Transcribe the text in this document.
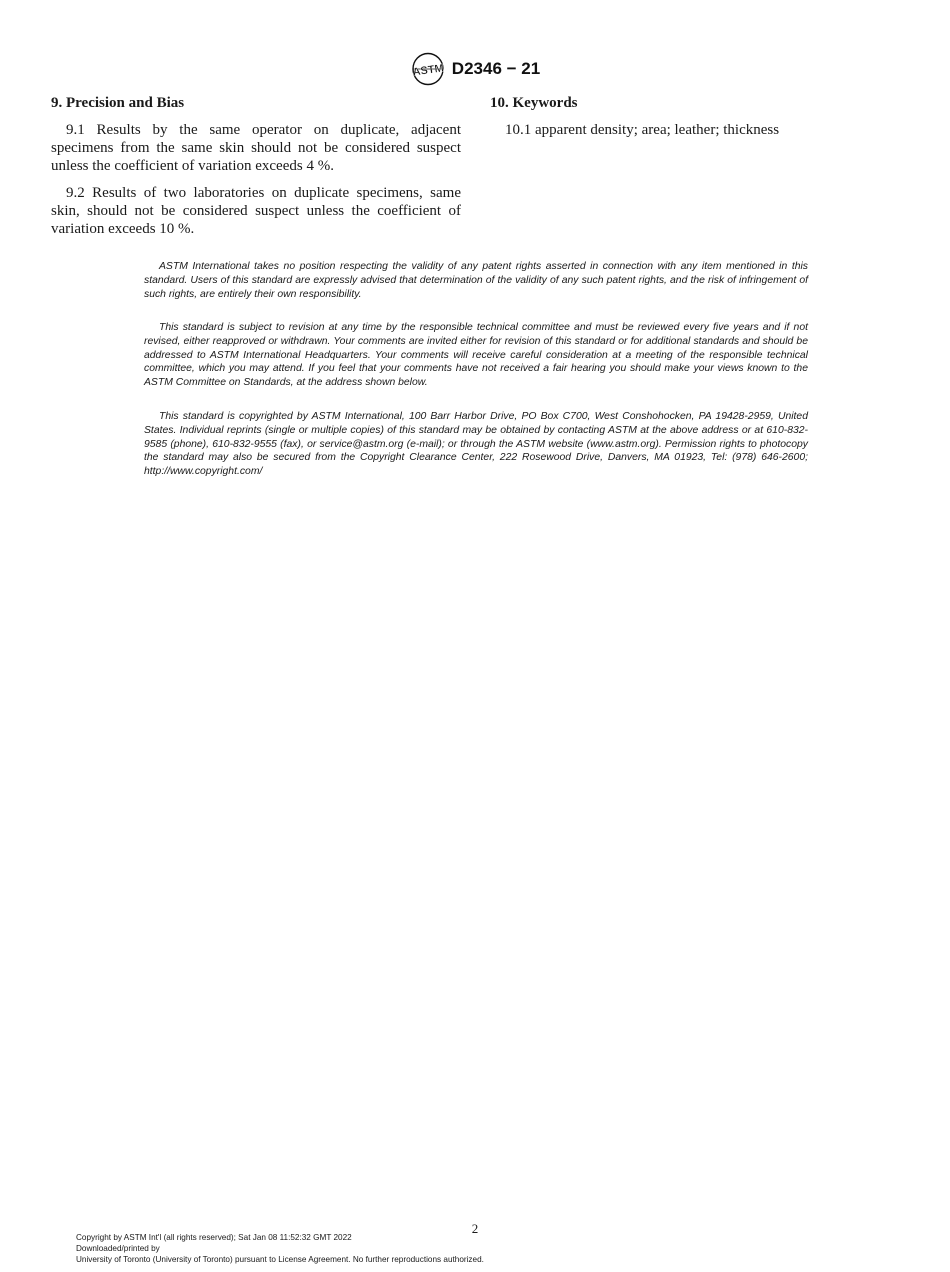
ASTM D2346 − 21
9. Precision and Bias

9.1 Results by the same operator on duplicate, adjacent specimens from the same skin should not be considered suspect unless the coefficient of variation exceeds 4 %.

9.2 Results of two laboratories on duplicate specimens, same skin, should not be considered suspect unless the coefficient of variation exceeds 10 %.

10. Keywords

10.1 apparent density; area; leather; thickness

ASTM International takes no position respecting the validity of any patent rights asserted in connection with any item mentioned in this standard. Users of this standard are expressly advised that determination of the validity of any such patent rights, and the risk of infringement of such rights, are entirely their own responsibility.

This standard is subject to revision at any time by the responsible technical committee and must be reviewed every five years and if not revised, either reapproved or withdrawn. Your comments are invited either for revision of this standard or for additional standards and should be addressed to ASTM International Headquarters. Your comments will receive careful consideration at a meeting of the responsible technical committee, which you may attend. If you feel that your comments have not received a fair hearing you should make your views known to the ASTM Committee on Standards, at the address shown below.

This standard is copyrighted by ASTM International, 100 Barr Harbor Drive, PO Box C700, West Conshohocken, PA 19428-2959, United States. Individual reprints (single or multiple copies) of this standard may be obtained by contacting ASTM at the above address or at 610-832-9585 (phone), 610-832-9555 (fax), or service@astm.org (e-mail); or through the ASTM website (www.astm.org). Permission rights to photocopy the standard may also be secured from the Copyright Clearance Center, 222 Rosewood Drive, Danvers, MA 01923, Tel: (978) 646-2600; http://www.copyright.com/

2
Copyright by ASTM Int'l (all rights reserved); Sat Jan 08 11:52:32 GMT 2022
Downloaded/printed by
University of Toronto (University of Toronto) pursuant to License Agreement. No further reproductions authorized.
